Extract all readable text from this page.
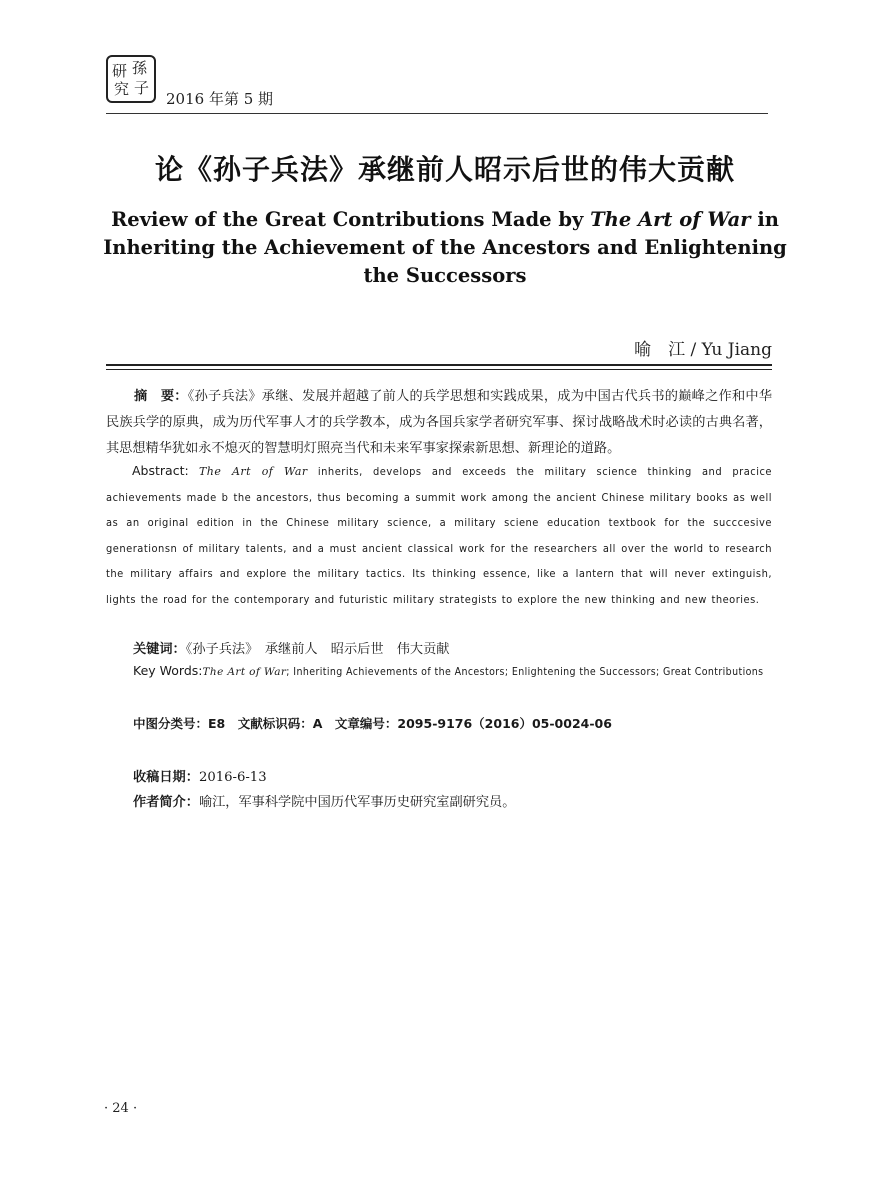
研 孫
究 子
2016 年第 5 期
论《孙子兵法》承继前人昭示后世的伟大贡献
Review of the Great Contributions Made by The Art of War in Inheriting the Achievement of the Ancestors and Enlightening the Successors
喻　江 / Yu Jiang
摘　要：《孙子兵法》承继、发展并超越了前人的兵学思想和实践成果，成为中国古代兵书的巅峰之作和中华民族兵学的原典，成为历代军事人才的兵学教本，成为各国兵家学者研究军事、探讨战略战术时必读的古典名著，其思想精华犹如永不熄灭的智慧明灯照亮当代和未来军事家探索新思想、新理论的道路。
Abstract: The Art of War inherits, develops and exceeds the military science thinking and pracice achievements made b the ancestors, thus becoming a summit work among the ancient Chinese military books as well as an original edition in the Chinese military science, a military sciene education textbook for the succcesive generationsn of military talents, and a must ancient classical work for the researchers all over the world to research the military affairs and explore the military tactics. Its thinking essence, like a lantern that will never extinguish, lights the road for the contemporary and futuristic military strategists to explore the new thinking and new theories.
关键词：《孙子兵法》　承继前人　昭示后世　伟大贡献
Key Words:The Art of War; Inheriting Achievements of the Ancestors; Enlightening the Successors; Great Contributions
中图分类号：E8　文献标识码：A　文章编号：2095-9176（2016）05-0024-06
收稿日期：2016-6-13
作者简介：喻江，军事科学院中国历代军事历史研究室副研究员。
· 24 ·
